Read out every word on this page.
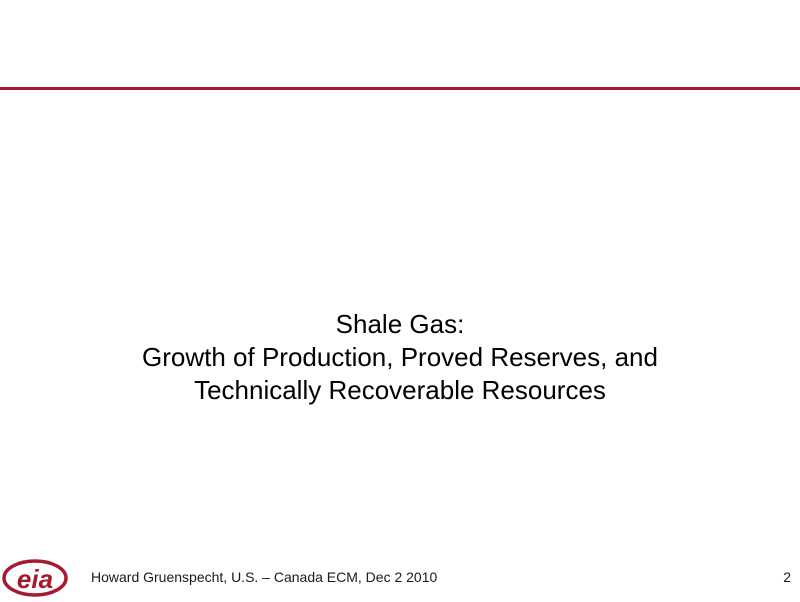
Shale Gas:
Growth of Production, Proved Reserves, and
Technically Recoverable Resources
eia	Howard Gruenspecht, U.S. – Canada ECM, Dec 2 2010	2
